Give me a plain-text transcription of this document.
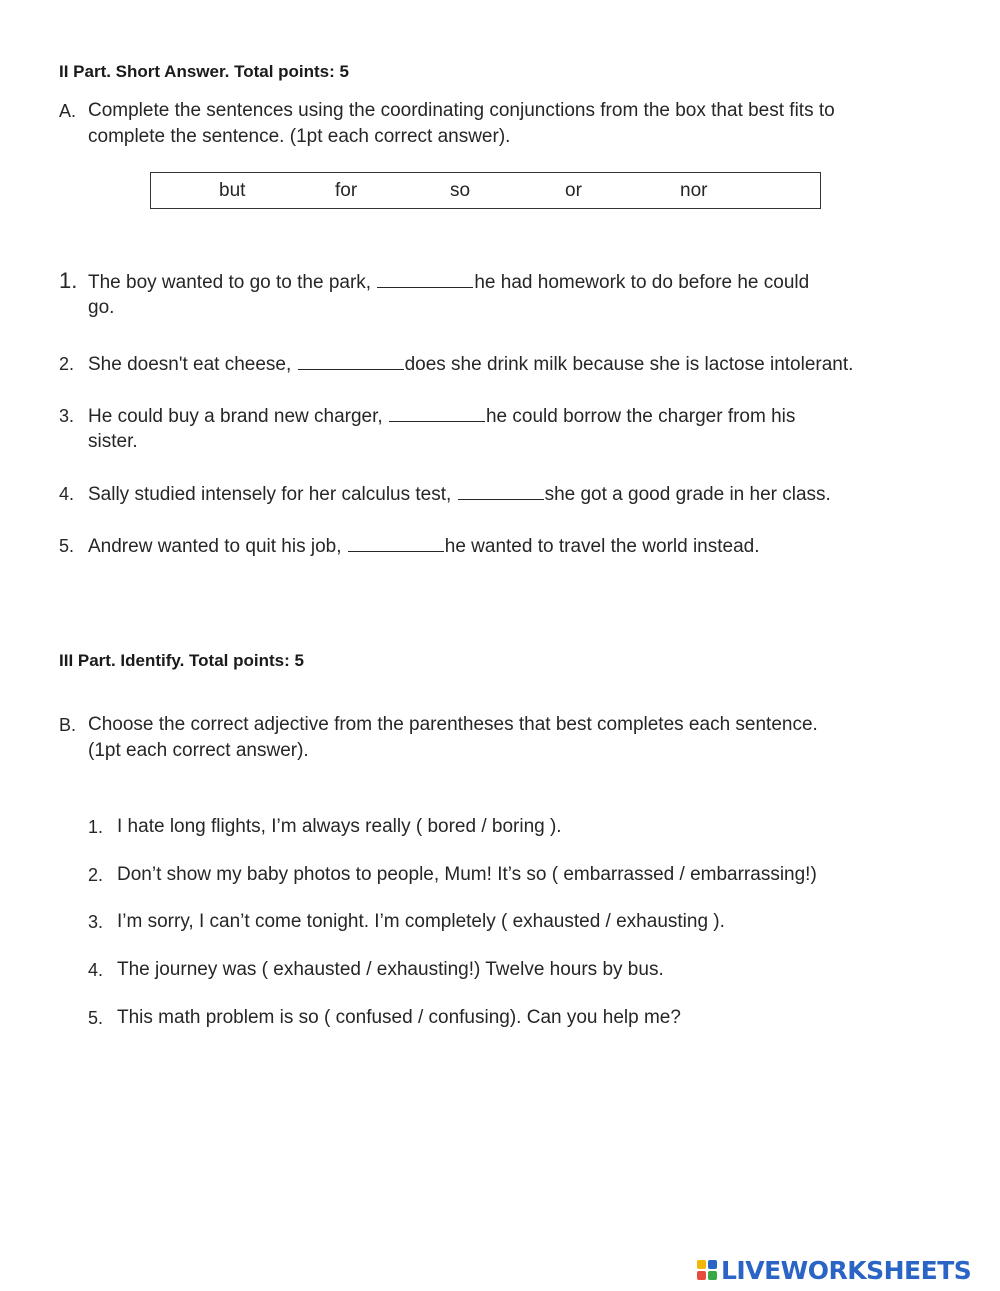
II Part. Short Answer. Total points: 5
A. Complete the sentences using the coordinating conjunctions from the box that best fits to
complete the sentence. (1pt each correct answer).
but	for	so	or	nor
1. The boy wanted to go to the park,	he had homework to do before he could
go.
2. She doesn't eat cheese,	does she drink milk because she is lactose intolerant.
3. He could buy a brand new charger,	he could borrow the charger from his
sister.
4. Sally studied intensely for her calculus test,	she got a good grade in her class.
5. Andrew wanted to quit his job,	he wanted to travel the world instead.
III Part. Identify. Total points: 5
B. Choose the correct adjective from the parentheses that best completes each sentence.
(1pt each correct answer).
1. I hate long flights, I’m always really ( bored / boring ).
2. Don’t show my baby photos to people, Mum! It’s so ( embarrassed / embarrassing!)
3. I’m sorry, I can’t come tonight. I’m completely ( exhausted / exhausting ).
4. The journey was ( exhausted / exhausting!) Twelve hours by bus.
5. This math problem is so ( confused / confusing). Can you help me?
LIVEWORKSHEETS
